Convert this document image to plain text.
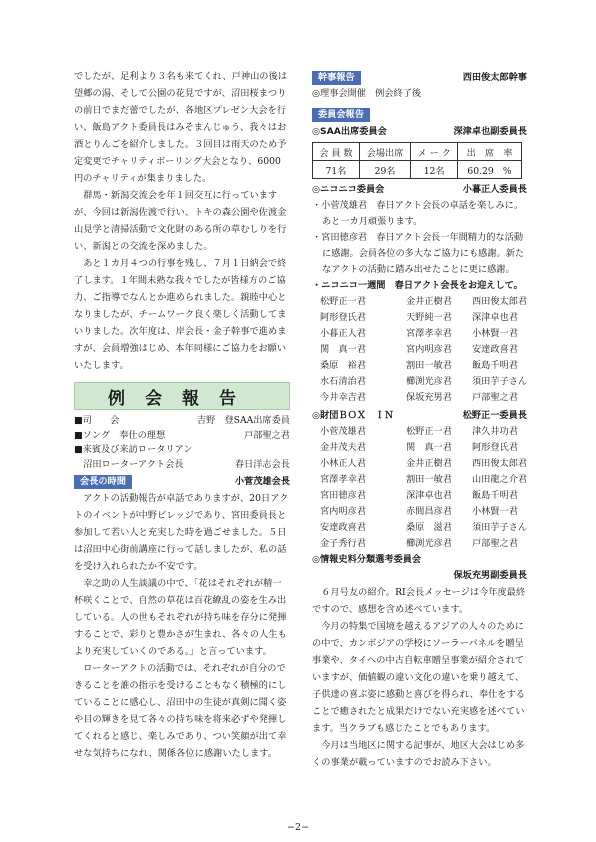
でしたが、足利より３名も来てくれ、戸神山の後は望郷の湯、そして公園の花見ですが、沼田桜まつりの前日でまだ蕾でしたが、各地区プレゼン大会を行い、飯島アクト委員長はみそまんじゅう、我々はお酒とりんごを紹介しました。３回目は雨天のため予定変更でチャリティボーリング大会となり、6000円のチャリティが集まりました。

群馬・新潟交流会を年１回交互に行っていますが、今回は新潟佐渡で行い、トキの森公園や佐渡金山見学と清掃活動で文化財のある所の草むしりを行い、新潟との交流を深めました。

あと１カ月４つの行事を残し、７月１日納会で終了します。１年間未熟な我々でしたが皆様方のご協力、ご指導でなんとか進められました。親睦中心となりましたが、チームワーク良く楽しく活動してまいりました。次年度は、岸会長・金子幹事で進めますが、会員増強はじめ、本年同様にご協力をお願いいたします。

例会報告
■司　　会	吉野　登SAA出席委員
■ソング　奉仕の理想	戸部聖之君
■来賓及び来訪ロータリアン
　沼田ローターアクト会長	春日洋志会長
会長の時間	小菅茂雄会長

アクトの活動報告が卓話でありますが、20日アクトのイベントが中野ビレッジであり、宮田委員長と参加して若い人と充実した時を過ごせました。５日は沼田中心街前講座に行って話しましたが、私の話を受け入れられたか不安です。

幸之助の人生談議の中で、「花はそれぞれが精一杯咲くことで、自然の草花は百花繚乱の姿を生み出している。人の世もそれぞれが持ち味を存分に発揮することで、彩りと豊かさが生まれ、各々の人生もより充実していくのである。」と言っています。

ローターアクトの活動では、それぞれが自分のできることを誰の指示を受けることもなく積極的にしていることに感心し、沼田中の生徒が真剣に聞く姿や目の輝きを見て各々の持ち味を将来必ずや発揮してくれると感じ、楽しみであり、つい笑顔が出て幸せな気持ちになれ、関係各位に感謝いたします。

幹事報告	西田俊太郎幹事
◎理事会開催　例会終了後
委員会報告
◎SAA出席委員会	深津卓也副委員長
会 員 数	会場出席	メ ー ク	出　席　率
71名	29名	12名	60.29　%
◎ニコニコ委員会	小暮正人委員長
・小菅茂雄君　春日アクト会長の卓話を楽しみに。あと一カ月頑張ります。
・宮田徳彦君　春日アクト会長一年間精力的な活動に感謝。会員各位の多大なご協力にも感謝。新たなアクトの活動に踏み出せたことに更に感謝。
・ニコニコ一週間　春日アクト会長をお迎えして。
松野正一君	金井正樹君	西田俊太郎君
阿形登氏君	天野純一君	深津卓也君
小暮正人君	宮澤孝幸君	小林賢一君
関　真一君	宮内明彦君	安達政喜君
桑原　裕君	割田一敏君	飯島千明君
水石清治君	櫛渕光彦君	須田芋子さん
今井幸吉君	保坂充男君	戸部聖之君
◎財団ＢＯＸ　ＩＮ	松野正一委員長
小菅茂雄君	松野正一君	津久井功君
金井茂夫君	関　真一君	阿形登氏君
小林正人君	金井正樹君	西田俊太郎君
宮澤孝幸君	割田一敏君	山田龍之介君
宮田徳彦君	深津卓也君	飯島千明君
宮内明彦君	赤間昌彦君	小林賢一君
安達政喜君	桑原　滋君	須田芋子さん
金子秀行君	櫛渕光彦君	戸部聖之君
◎情報史料分類選考委員会
保坂充男副委員長

６月号友の紹介。RI会長メッセージは今年度最終ですので、感想を含め述べています。

今月の特集で国境を越えるアジアの人々のためにの中で、カンボジアの学校にソーラーパネルを贈呈事業や、タイへの中古自転車贈呈事業が紹介されていますが、価値観の違い文化の違いを乗り越えて、子供達の喜ぶ姿に感動と喜びを得られ、奉仕をすることで癒されたと成果だけでない充実感を述べています。当クラブも感じたことでもあります。

今月は当地区に関する記事が、地区大会はじめ多くの事業が載っていますのでお読み下さい。

−2−
